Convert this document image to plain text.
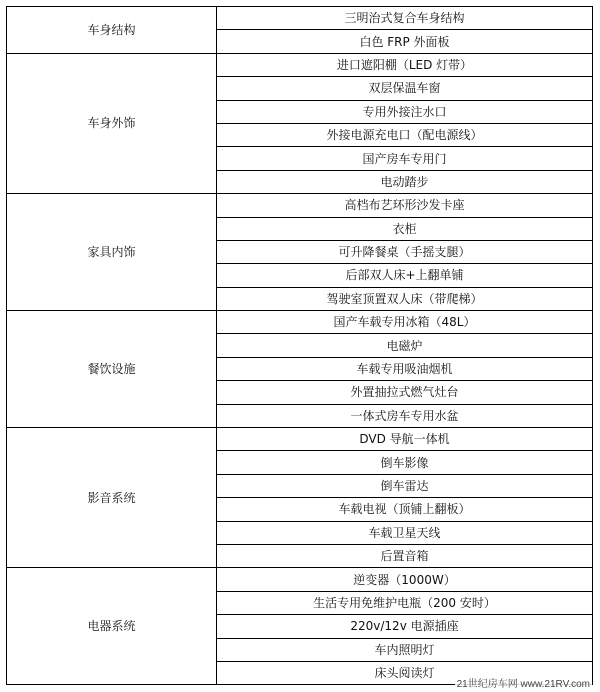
车身结构	三明治式复合车身结构
	白色 FRP 外面板
车身外饰	进口遮阳棚（LED 灯带）
	双层保温车窗
	专用外接注水口
	外接电源充电口（配电源线）
	国产房车专用门
	电动踏步
家具内饰	高档布艺环形沙发卡座
	衣柜
	可升降餐桌（手摇支腿）
	后部双人床+上翻单铺
	驾驶室顶置双人床（带爬梯）
餐饮设施	国产车载专用冰箱（48L）
	电磁炉
	车载专用吸油烟机
	外置抽拉式燃气灶台
	一体式房车专用水盆
影音系统	DVD 导航一体机
	倒车影像
	倒车雷达
	车载电视（顶铺上翻板）
	车载卫星天线
	后置音箱
电器系统	逆变器（1000W）
	生活专用免维护电瓶（200 安时）
	220v/12v 电源插座
	车内照明灯
	床头阅读灯
21世纪房车网 www.21RV.com
